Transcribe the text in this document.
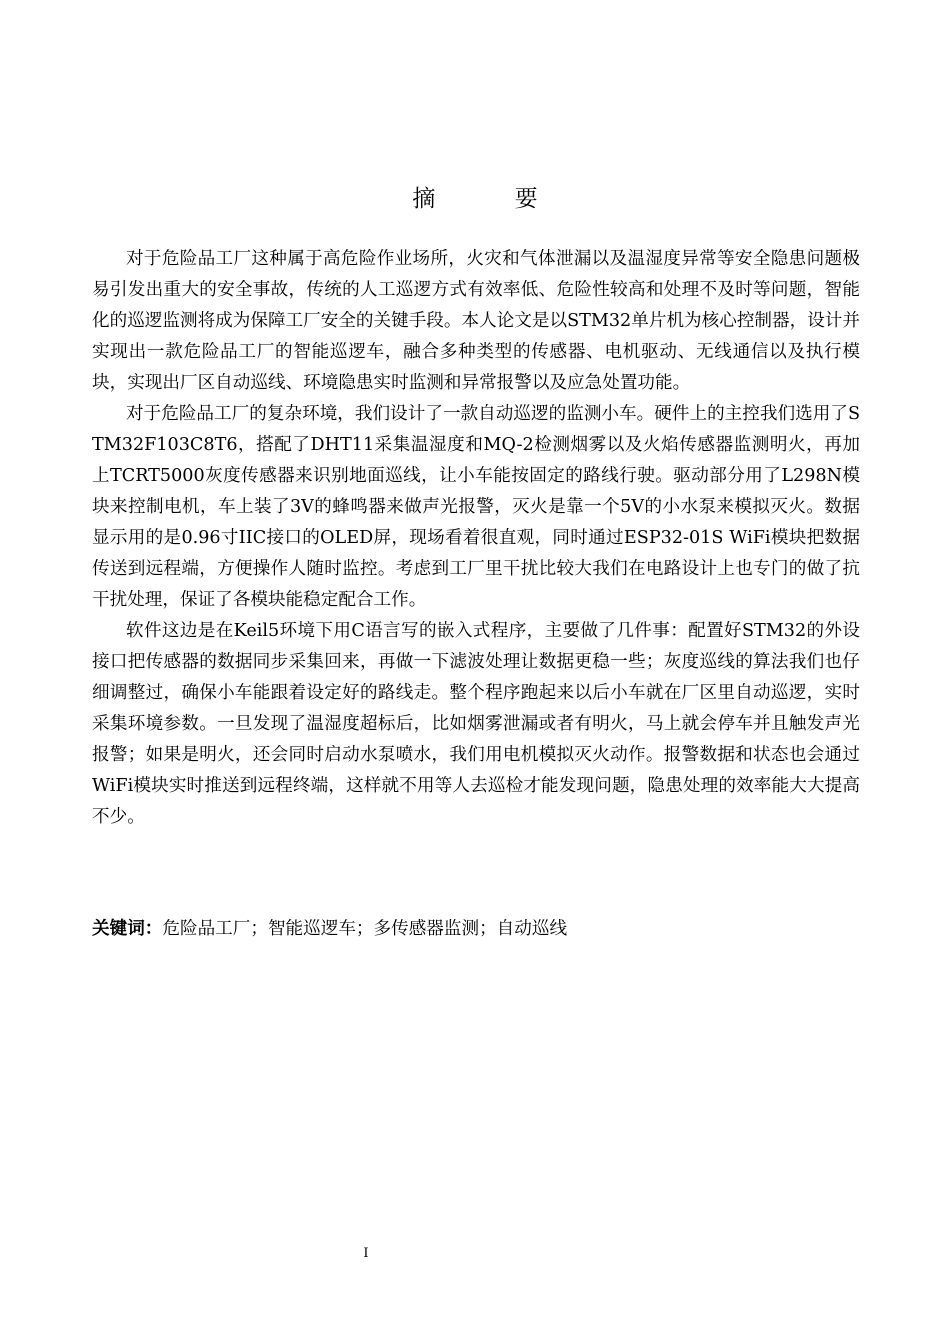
摘 要

对于危险品工厂这种属于高危险作业场所，火灾和气体泄漏以及温湿度异常等安全隐患问题极易引发出重大的安全事故，传统的人工巡逻方式有效率低、危险性较高和处理不及时等问题，智能化的巡逻监测将成为保障工厂安全的关键手段。本人论文是以STM32单片机为核心控制器，设计并实现出一款危险品工厂的智能巡逻车，融合多种类型的传感器、电机驱动、无线通信以及执行模块，实现出厂区自动巡线、环境隐患实时监测和异常报警以及应急处置功能。

对于危险品工厂的复杂环境，我们设计了一款自动巡逻的监测小车。硬件上的主控我们选用了STM32F103C8T6，搭配了DHT11采集温湿度和MQ-2检测烟雾以及火焰传感器监测明火，再加上TCRT5000灰度传感器来识别地面巡线，让小车能按固定的路线行驶。驱动部分用了L298N模块来控制电机，车上装了3V的蜂鸣器来做声光报警，灭火是靠一个5V的小水泵来模拟灭火。数据显示用的是0.96寸IIC接口的OLED屏，现场看着很直观，同时通过ESP32-01S WiFi模块把数据传送到远程端，方便操作人随时监控。考虑到工厂里干扰比较大我们在电路设计上也专门的做了抗干扰处理，保证了各模块能稳定配合工作。

软件这边是在Keil5环境下用C语言写的嵌入式程序，主要做了几件事：配置好STM32的外设接口把传感器的数据同步采集回来，再做一下滤波处理让数据更稳一些；灰度巡线的算法我们也仔细调整过，确保小车能跟着设定好的路线走。整个程序跑起来以后小车就在厂区里自动巡逻，实时采集环境参数。一旦发现了温湿度超标后，比如烟雾泄漏或者有明火，马上就会停车并且触发声光报警；如果是明火，还会同时启动水泵喷水，我们用电机模拟灭火动作。报警数据和状态也会通过WiFi模块实时推送到远程终端，这样就不用等人去巡检才能发现问题，隐患处理的效率能大大提高不少。

关键词：危险品工厂；智能巡逻车；多传感器监测；自动巡线

I
